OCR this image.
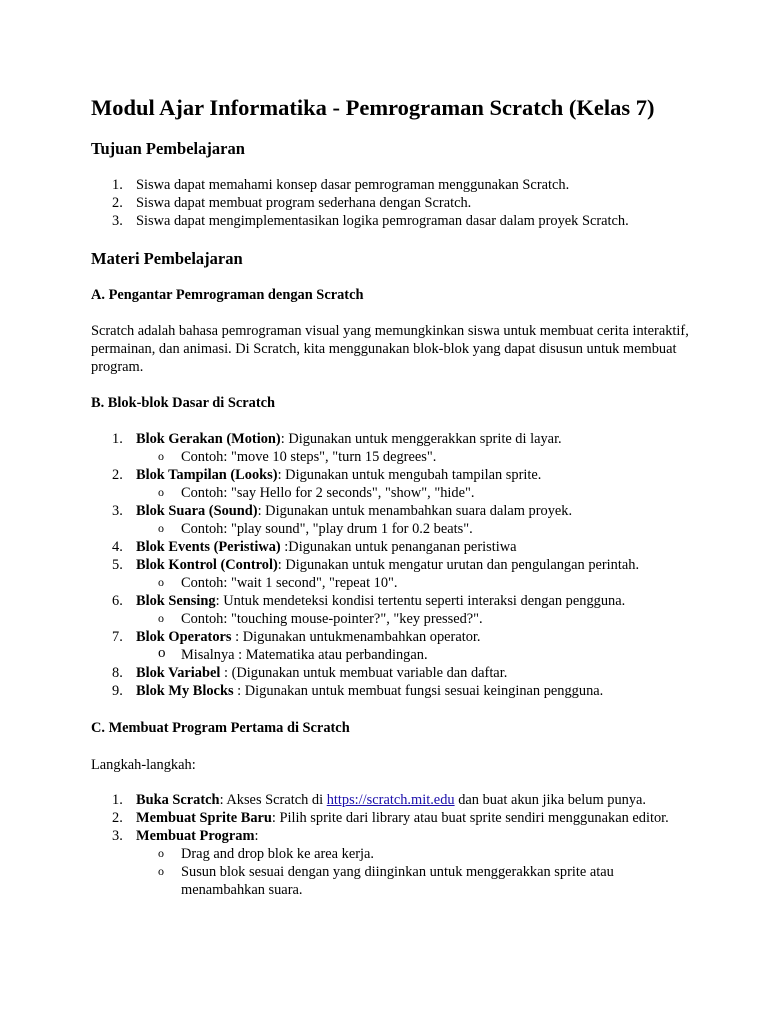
Modul Ajar Informatika - Pemrograman Scratch (Kelas 7)
Tujuan Pembelajaran
1. Siswa dapat memahami konsep dasar pemrograman menggunakan Scratch.
2. Siswa dapat membuat program sederhana dengan Scratch.
3. Siswa dapat mengimplementasikan logika pemrograman dasar dalam proyek Scratch.
Materi Pembelajaran
A. Pengantar Pemrograman dengan Scratch

Scratch adalah bahasa pemrograman visual yang memungkinkan siswa untuk membuat cerita interaktif, permainan, dan animasi. Di Scratch, kita menggunakan blok-blok yang dapat disusun untuk membuat program.

B. Blok-blok Dasar di Scratch
1. Blok Gerakan (Motion): Digunakan untuk menggerakkan sprite di layar.
o Contoh: "move 10 steps", "turn 15 degrees".
2. Blok Tampilan (Looks): Digunakan untuk mengubah tampilan sprite.
o Contoh: "say Hello for 2 seconds", "show", "hide".
3. Blok Suara (Sound): Digunakan untuk menambahkan suara dalam proyek.
o Contoh: "play sound", "play drum 1 for 0.2 beats".
4. Blok Events (Peristiwa) :Digunakan untuk penanganan peristiwa
5. Blok Kontrol (Control): Digunakan untuk mengatur urutan dan pengulangan perintah.
o Contoh: "wait 1 second", "repeat 10".
6. Blok Sensing: Untuk mendeteksi kondisi tertentu seperti interaksi dengan pengguna.
o Contoh: "touching mouse-pointer?", "key pressed?".
7. Blok Operators : Digunakan untukmenambahkan operator.
o Misalnya : Matematika atau perbandingan.
8. Blok Variabel : (Digunakan untuk membuat variable dan daftar.
9. Blok My Blocks : Digunakan untuk membuat fungsi sesuai keinginan pengguna.
C. Membuat Program Pertama di Scratch

Langkah-langkah:

1. Buka Scratch: Akses Scratch di https://scratch.mit.edu dan buat akun jika belum punya.
2. Membuat Sprite Baru: Pilih sprite dari library atau buat sprite sendiri menggunakan editor.
3. Membuat Program:
o Drag and drop blok ke area kerja.
o Susun blok sesuai dengan yang diinginkan untuk menggerakkan sprite atau menambahkan suara.
